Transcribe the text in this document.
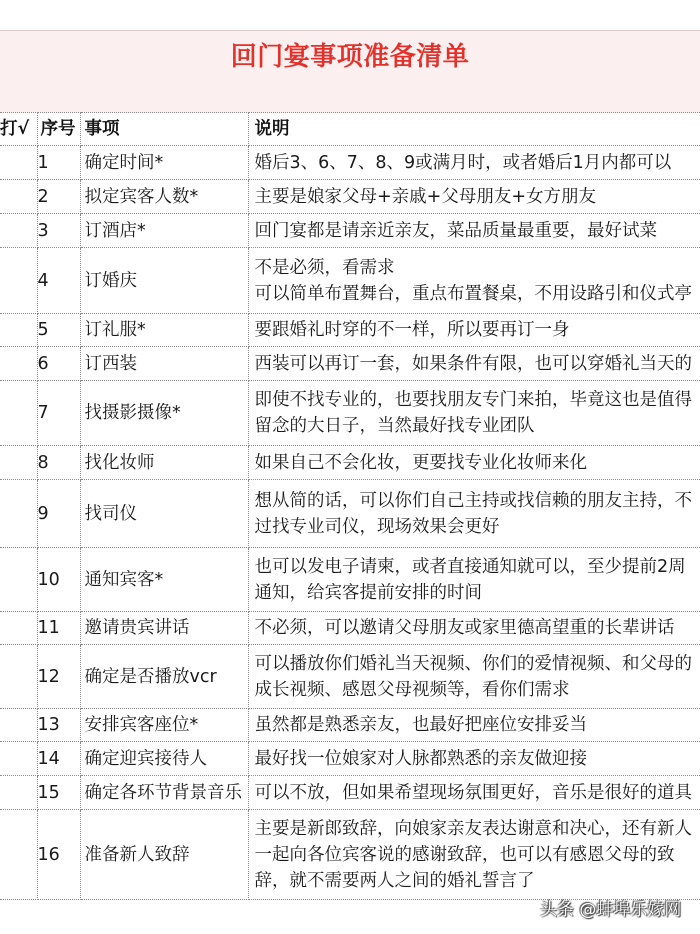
回门宴事项准备清单
打√	序号	事项	说明
	1	确定时间*	婚后3、6、7、8、9或满月时，或者婚后1月内都可以

	2	拟定宾客人数*	主要是娘家父母+亲戚+父母朋友+女方朋友

	3	订酒店*	回门宴都是请亲近亲友，菜品质量最重要，最好试菜

	4	订婚庆	不是必须，看需求
可以简单布置舞台，重点布置餐桌，不用设路引和仪式亭

	5	订礼服*	要跟婚礼时穿的不一样，所以要再订一身

	6	订西装	西装可以再订一套，如果条件有限，也可以穿婚礼当天的

	7	找摄影摄像*	即使不找专业的，也要找朋友专门来拍，毕竟这也是值得
留念的大日子，当然最好找专业团队

	8	找化妆师	如果自己不会化妆，更要找专业化妆师来化

	9	找司仪	想从简的话，可以你们自己主持或找信赖的朋友主持，不
过找专业司仪，现场效果会更好

	10	通知宾客*	也可以发电子请柬，或者直接通知就可以，至少提前2周
通知，给宾客提前安排的时间

	11	邀请贵宾讲话	不必须，可以邀请父母朋友或家里德高望重的长辈讲话

	12	确定是否播放vcr	可以播放你们婚礼当天视频、你们的爱情视频、和父母的
成长视频、感恩父母视频等，看你们需求

	13	安排宾客座位*	虽然都是熟悉亲友，也最好把座位安排妥当

	14	确定迎宾接待人	最好找一位娘家对人脉都熟悉的亲友做迎接

	15	确定各环节背景音乐	可以不放，但如果希望现场氛围更好，音乐是很好的道具

	16	准备新人致辞	主要是新郎致辞，向娘家亲友表达谢意和决心，还有新人
一起向各位宾客说的感谢致辞，也可以有感恩父母的致
辞，就不需要两人之间的婚礼誓言了
头条 @蚌埠乐嫁网
